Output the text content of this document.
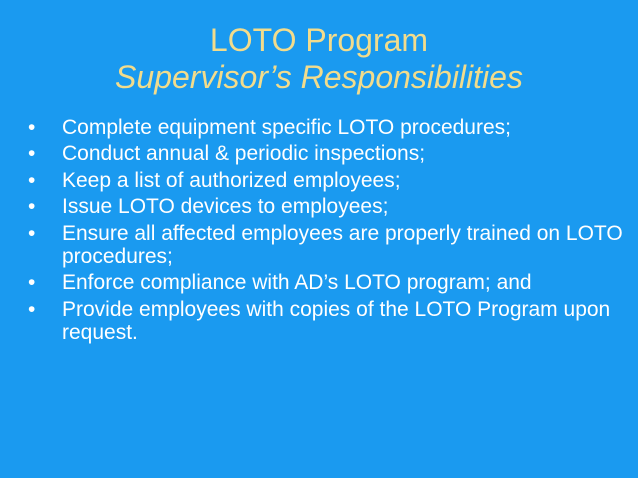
LOTO Program
Supervisor’s Responsibilities
•	Complete equipment specific LOTO procedures;
•	Conduct annual & periodic inspections;
•	Keep a list of authorized employees;
•	Issue LOTO devices to employees;
•	Ensure all affected employees are properly trained on LOTO procedures;
•	Enforce compliance with AD’s LOTO program; and
•	Provide employees with copies of the LOTO Program upon request.
